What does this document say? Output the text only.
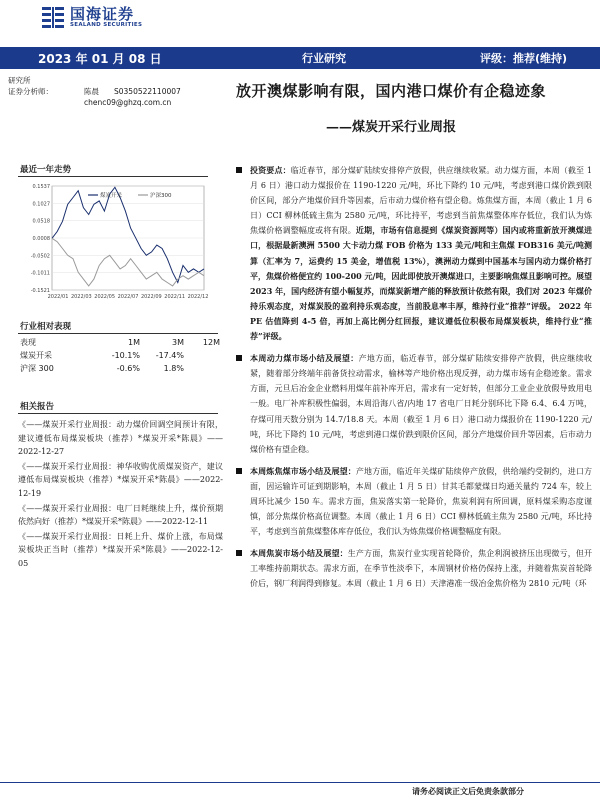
国海证券
SEALAND SECURITIES
2023 年 01 月 08 日	行业研究	评级：推荐(维持)
研究所
证券分析师：	陈晨	S0350522110007
chenc09@ghzq.com.cn
放开澳煤影响有限，国内港口煤价有企稳迹象
——煤炭开采行业周报
最近一年走势
0.1537
0.1027
0.0518
0.0008
-0.0502
-0.1011
-0.1521
2022/01 2022/03 2022/05 2022/07 2022/09 2022/11 2022/12
煤炭开采	沪深300
行业相对表现
表现	1M	3M	12M
煤炭开采	-10.1%	-17.4%
沪深 300	-0.6%	1.8%
相关报告
《——煤炭开采行业周报：动力煤价回调空间预计有限，建议遵低布局煤炭板块（推荐）*煤炭开采*陈晨》——2022-12-27
《——煤炭开采行业周报：神华收购优质煤炭资产，建议遵低布局煤炭板块（推荐）*煤炭开采*陈晨》——2022-12-19
《——煤炭开采行业周报：电厂日耗继续上升，煤价预期依然向好（推荐）*煤炭开采*陈晨》——2022-12-11
《——煤炭开采行业周报：日耗上升、煤价上涨，布局煤炭板块正当时（推荐）*煤炭开采*陈晨》——2022-12-05
投资要点：临近春节，部分煤矿陆续安排停产放假，供应继续收紧。动力煤方面，本周（截至 1 月 6 日）港口动力煤报价在 1190-1220 元/吨，环比下降约 10 元/吨，考虑到港口煤价跌到限价区间，部分产地煤价回升等因素，后市动力煤价格有望企稳。炼焦煤方面，本周（截止 1 月 6 日）CCI 柳林低硫主焦为 2580 元/吨，环比持平，考虑到当前焦煤整体库存低位，我们认为炼焦煤价格调整幅度或将有限。近期，市场有信息提到《煤炭资源网等）国内或将重新放开澳煤进口，根据最新澳洲 5500 大卡动力煤 FOB 价格为 133 美元/吨和主焦煤 FOB316 美元/吨测算（汇率为 7，运费约 15 美金，增值税 13%），澳洲动力煤到中国基本与国内动力煤价格打平，焦煤价格便宜约 100-200 元/吨，因此即使放开澳煤进口，主要影响焦煤且影响可控。展望 2023 年，国内经济有望小幅复苏，而煤炭新增产能的释放预计依然有限，我们对 2023 年煤价持乐观态度，对煤炭股的盈利持乐观态度，当前股息率丰厚，维持行业“推荐”评级。 2022 年 PE 估值降到 4-5 倍，再加上高比例分红回报，建议遵低位积极布局煤炭板块，维持行业“推荐”评级。
本周动力煤市场小结及展望：产地方面，临近春节，部分煤矿陆续安排停产放假，供应继续收紧，随着部分终端年前备货拉动需求，榆林等产地价格出现反弹，动力煤市场有企稳迹象。需求方面，元旦后冶金企业燃料用煤年前补库开启，需求有一定好转，但部分工业企业放假导致用电一般。电厂补库积极性偏弱，本周沿海八省/内地 17 省电厂日耗分别环比下降 6.4、6.4 万吨，存煤可用天数分别为 14.7/18.8 天。本周（截至 1 月 6 日）港口动力煤报价在 1190-1220 元/吨，环比下降约 10 元/吨，考虑到港口煤价跌到限价区间，部分产地煤价回升等因素，后市动力煤价格有望企稳。
本周炼焦煤市场小结及展望：产地方面，临近年关煤矿陆续停产放假，供给端约受制约，进口方面，因运输许可证到期影响，本周（截止 1 月 5 日）甘其毛都蒙煤日均通关量约 724 车，较上周环比减少 150 车。需求方面，焦炭落实第一轮降价，焦炭利润有所回调，原料煤采购态度谨慎，部分焦煤价格高位调整。本周（截止 1 月 6 日）CCI 柳林低硫主焦为 2580 元/吨，环比持平，考虑到当前焦煤整体库存低位，我们认为炼焦煤价格调整幅度有限。
本周焦炭市场小结及展望：生产方面，焦炭行业实现首轮降价，焦企利润被挤压出现微亏，但开工率维持前期状态。需求方面，在季节性淡季下，本周钢材价格仍保持上涨，并随着焦炭首轮降价后，钢厂利润得到修复。本周（截止 1 月 6 日）天津港准一级冶金焦价格为 2810 元/吨（环
请务必阅读正文后免责条款部分
